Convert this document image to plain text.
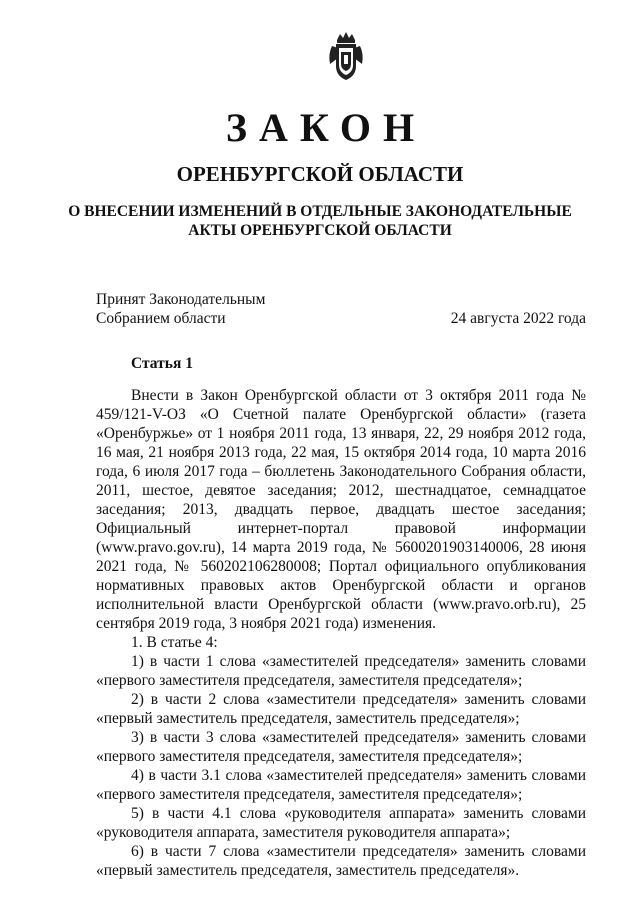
ЗАКОН
ОРЕНБУРГСКОЙ ОБЛАСТИ
О ВНЕСЕНИИ ИЗМЕНЕНИЙ В ОТДЕЛЬНЫЕ ЗАКОНОДАТЕЛЬНЫЕ
АКТЫ ОРЕНБУРГСКОЙ ОБЛАСТИ
Принят Законодательным
Собранием области	24 августа 2022 года
Статья 1

Внести в Закон Оренбургской области от 3 октября 2011 года № 459/121-V-ОЗ «О Счетной палате Оренбургской области» (газета «Оренбуржье» от 1 ноября 2011 года, 13 января, 22, 29 ноября 2012 года, 16 мая, 21 ноября 2013 года, 22 мая, 15 октября 2014 года, 10 марта 2016 года, 6 июля 2017 года – бюллетень Законодательного Собрания области, 2011, шестое, девятое заседания; 2012, шестнадцатое, семнадцатое заседания; 2013, двадцать первое, двадцать шестое заседания; Официальный интернет-портал правовой информации (www.pravo.gov.ru), 14 марта 2019 года, № 5600201903140006, 28 июня 2021 года, № 5602021062800​08; Портал официального опубликования нормативных правовых актов Оренбургской области и органов исполнительной власти Оренбургской области (www.pravo.orb.ru), 25 сентября 2019 года, 3 ноября 2021 года) изменения.

1. В статье 4:

1) в части 1 слова «заместителей председателя» заменить словами «первого заместителя председателя, заместителя председателя»;

2) в части 2 слова «заместители председателя» заменить словами «первый заместитель председателя, заместитель председателя»;

3) в части 3 слова «заместителей председателя» заменить словами «первого заместителя председателя, заместителя председателя»;

4) в части 3.1 слова «заместителей председателя» заменить словами «первого заместителя председателя, заместителя председателя»;

5) в части 4.1 слова «руководителя аппарата» заменить словами «руководителя аппарата, заместителя руководителя аппарата»;

6) в части 7 слова «заместители председателя» заменить словами «первый заместитель председателя, заместитель председателя».
